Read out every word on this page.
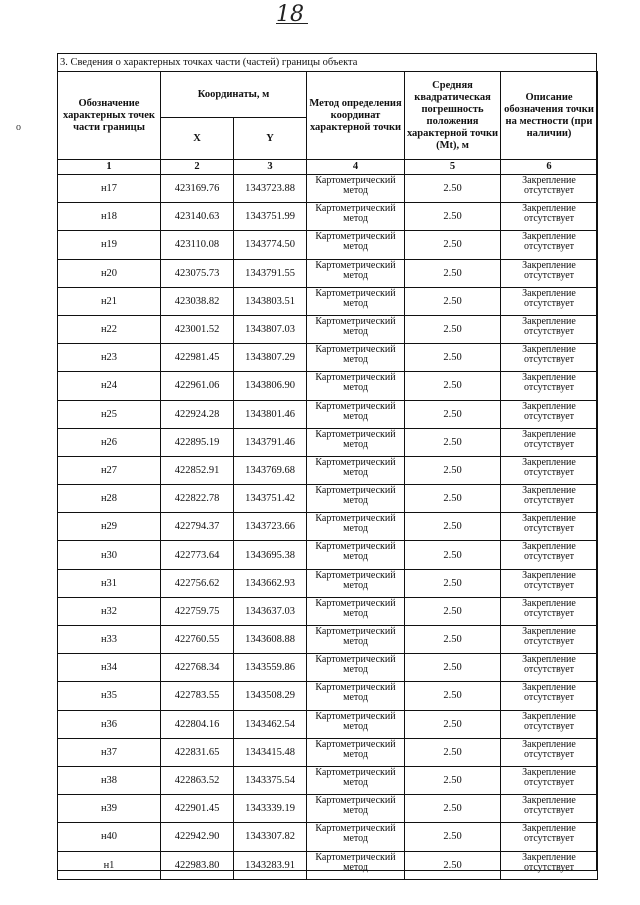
18
o
3. Сведения о характерных точках части (частей) границы объекта
Обозначение характерных точек части границы	Координаты, м		Метод определения координат характерной точки	Средняя квадратическая погрешность положения характерной точки (Mt), м	Описание обозначения точки на местности (при наличии)
	X	Y			
1	2	3	4	5	6
н17	423169.76	1343723.88	Картометрический метод	2.50	Закрепление отсутствует
н18	423140.63	1343751.99	Картометрический метод	2.50	Закрепление отсутствует
н19	423110.08	1343774.50	Картометрический метод	2.50	Закрепление отсутствует
н20	423075.73	1343791.55	Картометрический метод	2.50	Закрепление отсутствует
н21	423038.82	1343803.51	Картометрический метод	2.50	Закрепление отсутствует
н22	423001.52	1343807.03	Картометрический метод	2.50	Закрепление отсутствует
н23	422981.45	1343807.29	Картометрический метод	2.50	Закрепление отсутствует
н24	422961.06	1343806.90	Картометрический метод	2.50	Закрепление отсутствует
н25	422924.28	1343801.46	Картометрический метод	2.50	Закрепление отсутствует
н26	422895.19	1343791.46	Картометрический метод	2.50	Закрепление отсутствует
н27	422852.91	1343769.68	Картометрический метод	2.50	Закрепление отсутствует
н28	422822.78	1343751.42	Картометрический метод	2.50	Закрепление отсутствует
н29	422794.37	1343723.66	Картометрический метод	2.50	Закрепление отсутствует
н30	422773.64	1343695.38	Картометрический метод	2.50	Закрепление отсутствует
н31	422756.62	1343662.93	Картометрический метод	2.50	Закрепление отсутствует
н32	422759.75	1343637.03	Картометрический метод	2.50	Закрепление отсутствует
н33	422760.55	1343608.88	Картометрический метод	2.50	Закрепление отсутствует
н34	422768.34	1343559.86	Картометрический метод	2.50	Закрепление отсутствует
н35	422783.55	1343508.29	Картометрический метод	2.50	Закрепление отсутствует
н36	422804.16	1343462.54	Картометрический метод	2.50	Закрепление отсутствует
н37	422831.65	1343415.48	Картометрический метод	2.50	Закрепление отсутствует
н38	422863.52	1343375.54	Картометрический метод	2.50	Закрепление отсутствует
н39	422901.45	1343339.19	Картометрический метод	2.50	Закрепление отсутствует
н40	422942.90	1343307.82	Картометрический метод	2.50	Закрепление отсутствует
н1	422983.80	1343283.91	Картометрический метод	2.50	Закрепление отсутствует
